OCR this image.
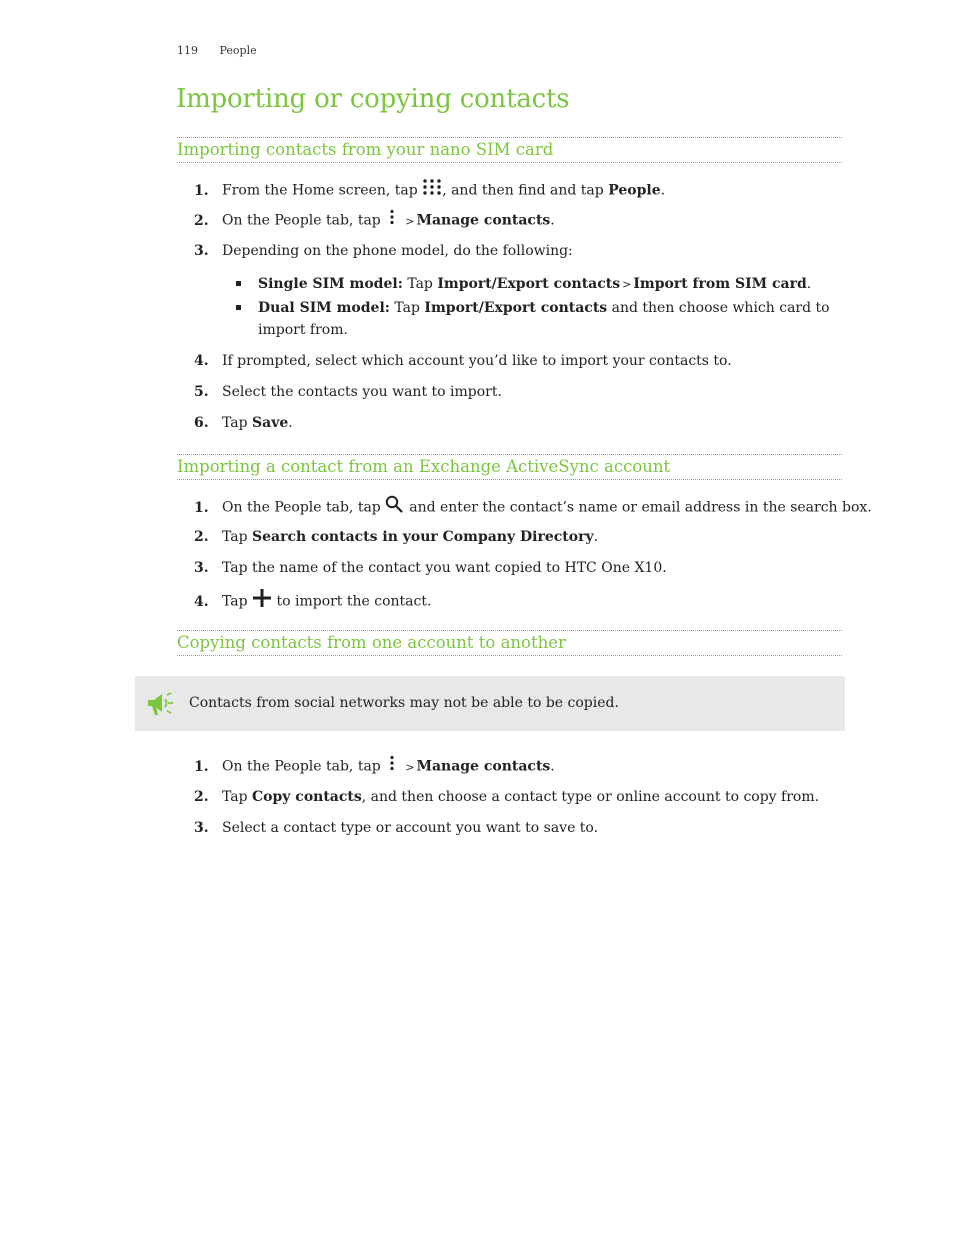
119 People
Importing or copying contacts
Importing contacts from your nano SIM card
1. From the Home screen, tap , and then find and tap People.
2. On the People tab, tap > Manage contacts.
3. Depending on the phone model, do the following:
Single SIM model: Tap Import/Export contacts > Import from SIM card.
Dual SIM model: Tap Import/Export contacts and then choose which card to import from.
4. If prompted, select which account you’d like to import your contacts to.
5. Select the contacts you want to import.
6. Tap Save.
Importing a contact from an Exchange ActiveSync account
1. On the People tab, tap and enter the contact’s name or email address in the search box.
2. Tap Search contacts in your Company Directory.
3. Tap the name of the contact you want copied to HTC One X10.
4. Tap to import the contact.
Copying contacts from one account to another
Contacts from social networks may not be able to be copied.
1. On the People tab, tap > Manage contacts.
2. Tap Copy contacts, and then choose a contact type or online account to copy from.
3. Select a contact type or account you want to save to.
